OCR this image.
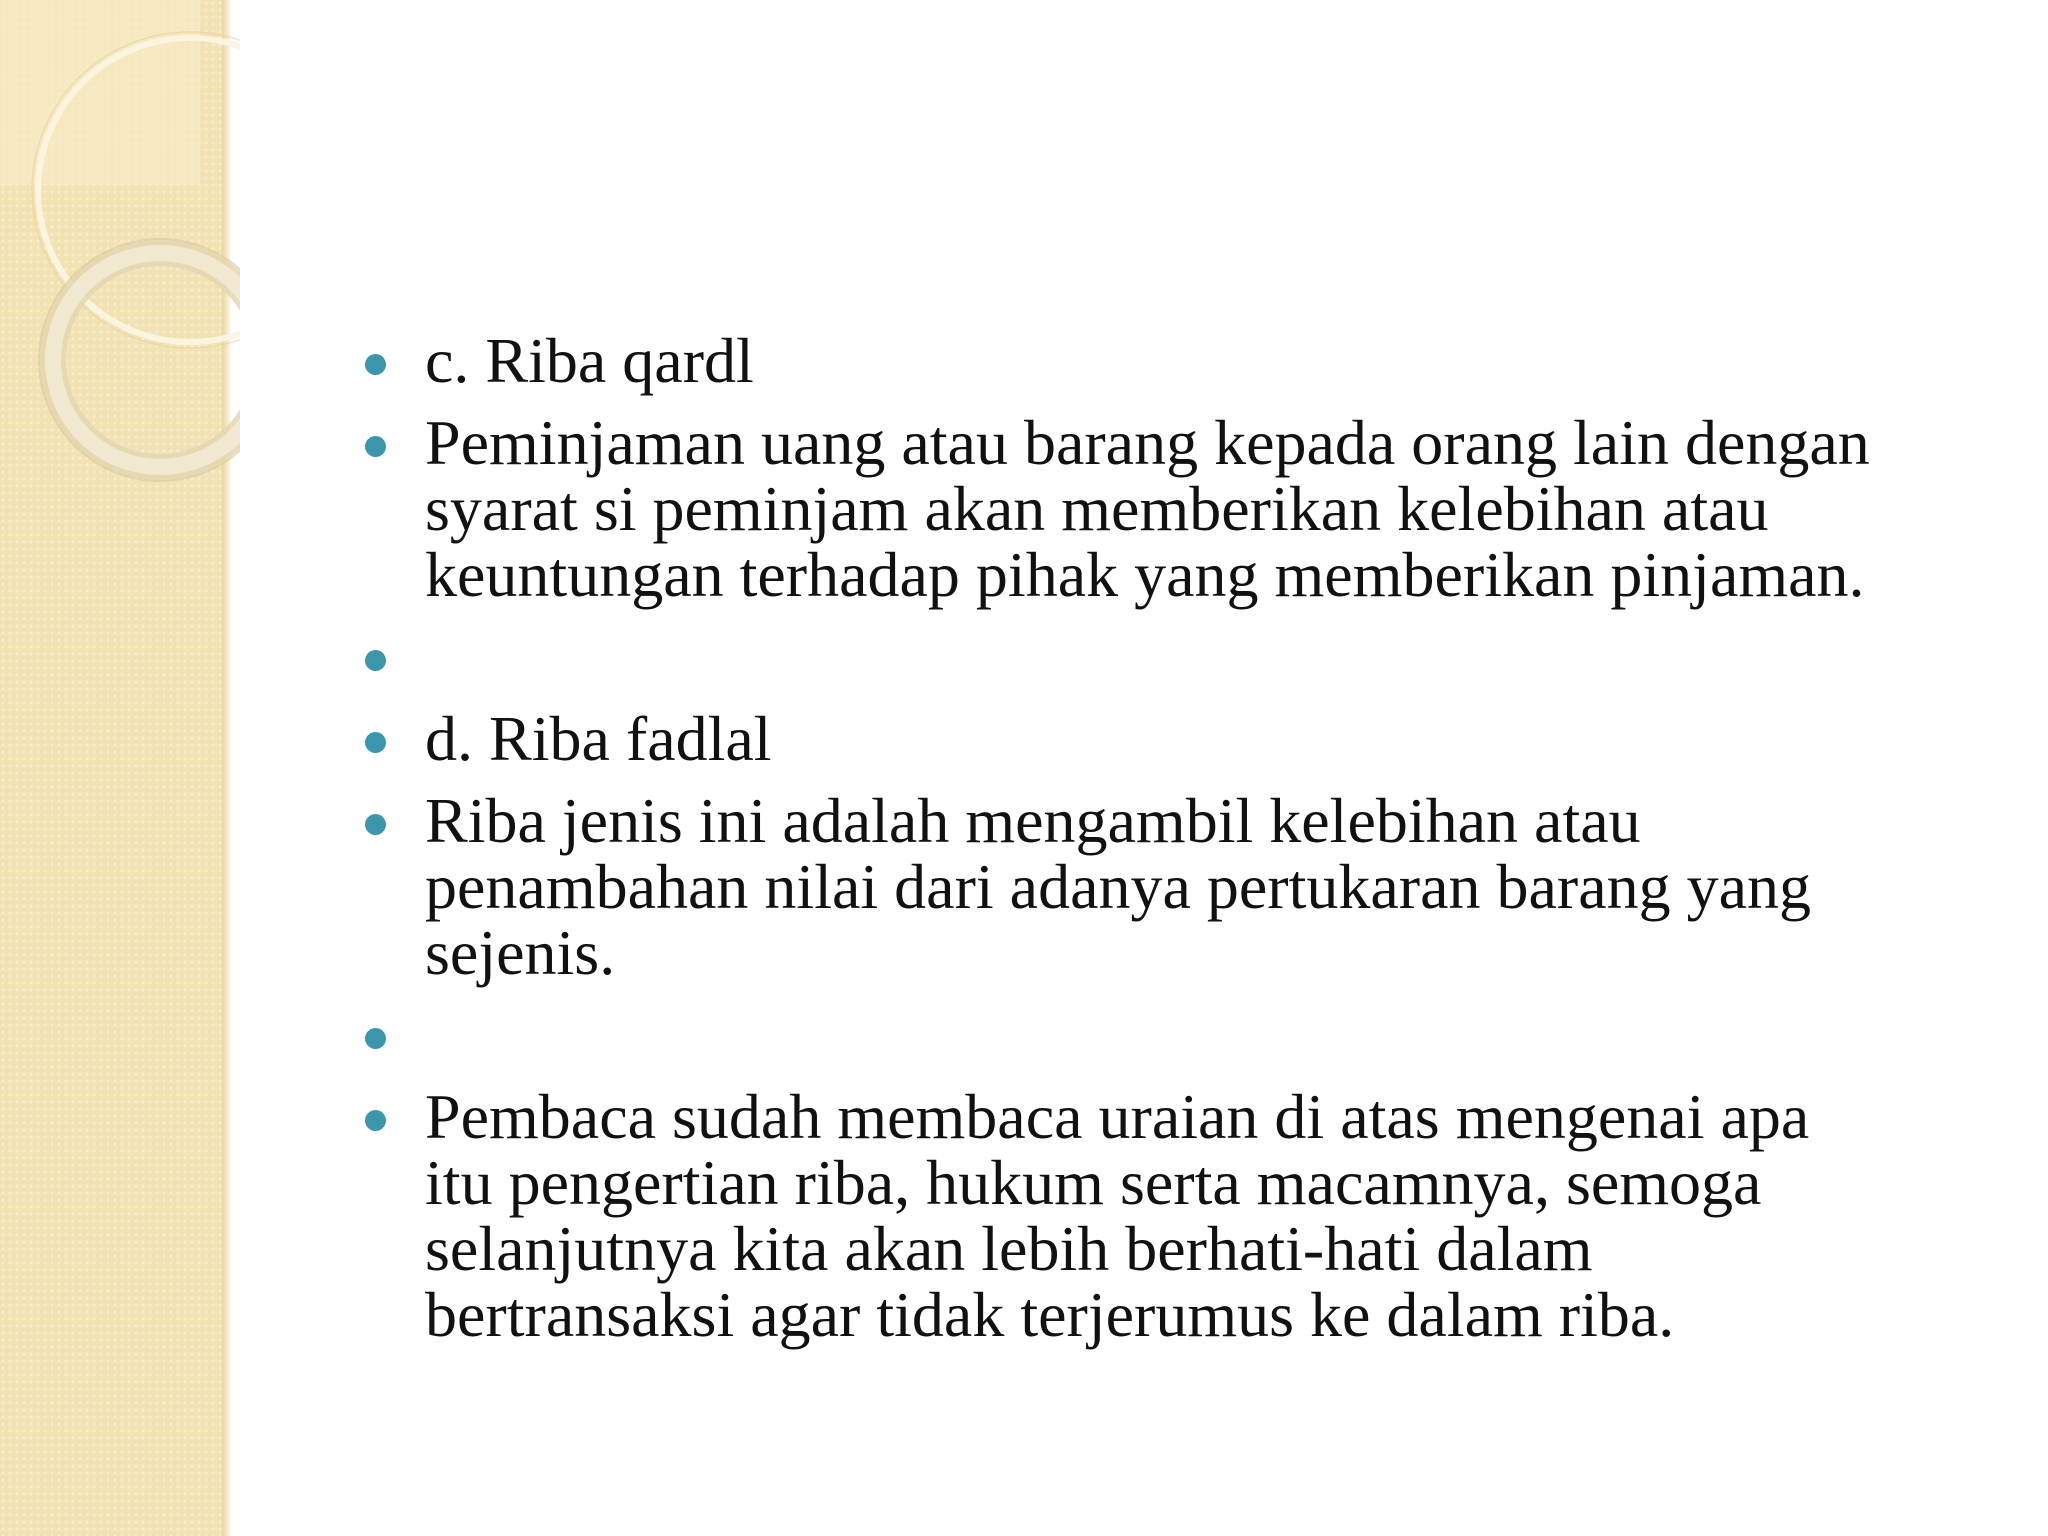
c. Riba qardl
Peminjaman uang atau barang kepada orang lain dengan
syarat si peminjam akan memberikan kelebihan atau
keuntungan terhadap pihak yang memberikan pinjaman.
d. Riba fadlal
Riba jenis ini adalah mengambil kelebihan atau
penambahan nilai dari adanya pertukaran barang yang
sejenis.
Pembaca sudah membaca uraian di atas mengenai apa
itu pengertian riba, hukum serta macamnya, semoga
selanjutnya kita akan lebih berhati-hati dalam
bertransaksi agar tidak terjerumus ke dalam riba.
